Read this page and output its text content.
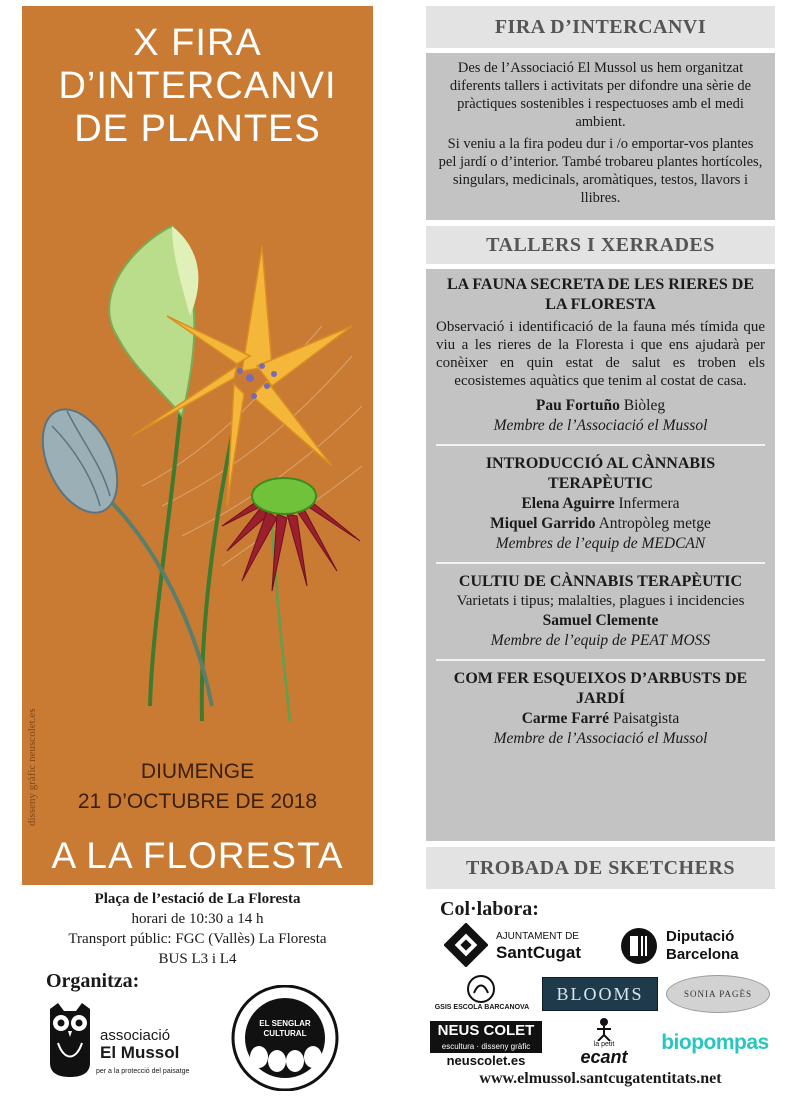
X FIRA
D’INTERCANVI
DE PLANTES
disseny gràfic neuscolet.es	DIUMENGE
21 D’OCTUBRE DE 2018
A LA FLORESTA
Plaça de l’estació de La Floresta
horari de 10:30 a 14 h
Transport públic: FGC (Vallès) La Floresta
BUS L3 i L4
Organitza:
associació
El Mussol
per a la protecció del paisatge
EL SENGLAR
CULTURAL
FIRA D’INTERCANVI

Des de l’Associació El Mussol us hem organitzat diferents tallers i activitats per difondre una sèrie de pràctiques sostenibles i respectuoses amb el medi ambient.

Si veniu a la fira podeu dur i /o emportar-vos plantes pel jardí o d’interior. També trobareu plantes hortícoles, singulars, medicinals, aromàtiques, testos, llavors i llibres.

TALLERS I XERRADES
LA FAUNA SECRETA DE LES RIERES DE LA FLORESTA
Observació i identificació de la fauna més tímida que viu a les rieres de la Floresta i que ens ajudarà per conèixer en quin estat de salut es troben els ecosistemes aquàtics que tenim al costat de casa.
Pau Fortuño Biòleg
Membre de l’Associació el Mussol
INTRODUCCIÓ AL CÀNNABIS TERAPÈUTIC
Elena Aguirre Infermera
Miquel Garrido Antropòleg metge
Membres de l’equip de MEDCAN
CULTIU DE CÀNNABIS TERAPÈUTIC
Varietats i tipus; malalties, plagues i incidencies
Samuel Clemente
Membre de l’equip de PEAT MOSS
COM FER ESQUEIXOS D’ARBUSTS DE JARDÍ
Carme Farré Paisatgista
Membre de l’Associació el Mussol
TROBADA DE SKETCHERS
Col·labora:
AJUNTAMENT DE
SantCugat
Diputació
Barcelona
GSIS ESCOLA BARCANOVA
BLOOMS	SONIA PAGÈS
NEUS COLET
escultura · disseny gràfic
neuscolet.es
la petit
ecant
biopompas
www.elmussol.santcugatentitats.net
